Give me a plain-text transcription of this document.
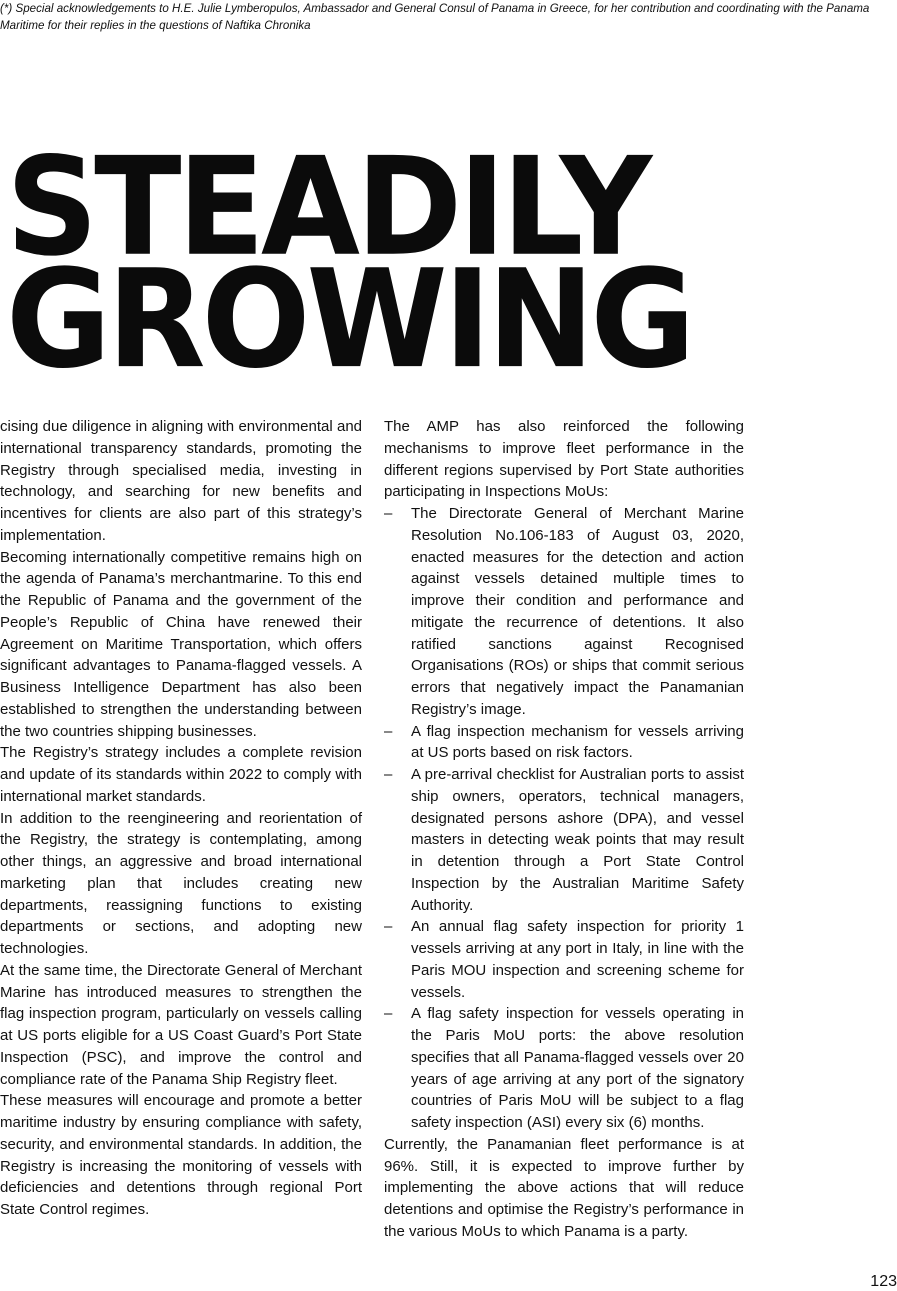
(*) Special acknowledgements to H.E. Julie Lymberopulos, Ambassador and General Consul of Panama in Greece, for her contribution and coordinating with the Panama Maritime for their replies in the questions of Naftika Chronika

STEADILY
GROWING

cising due diligence in aligning with environmental and international transparency standards, promoting the Registry through specialised media, investing in technology, and searching for new benefits and incentives for clients are also part of this strategy’s implementation.

Becoming internationally competitive remains high on the agenda of Panama’s merchantmarine. To this end the Republic of Panama and the government of the People’s Republic of China have renewed their Agreement on Maritime Transportation, which offers significant advantages to Panama-flagged vessels. A Business Intelligence Department has also been established to strengthen the understanding between the two countries shipping businesses.

The Registry’s strategy includes a complete revision and update of its standards within 2022 to comply with international market standards.

In addition to the reengineering and reorientation of the Registry, the strategy is contemplating, among other things, an aggressive and broad international marketing plan that includes creating new departments, reassigning functions to existing departments or sections, and adopting new technologies.

At the same time, the Directorate General of Merchant Marine has introduced measures το strengthen the flag inspection program, particularly on vessels calling at US ports eligible for a US Coast Guard’s Port State Inspection (PSC), and improve the control and compliance rate of the Panama Ship Registry fleet.

These measures will encourage and promote a better maritime industry by ensuring compliance with safety, security, and environmental standards. In addition, the Registry is increasing the monitoring of vessels with deficiencies and detentions through regional Port State Control regimes.

The AMP has also reinforced the following mechanisms to improve fleet performance in the different regions supervised by Port State authorities participating in Inspections MoUs:

– The Directorate General of Merchant Marine Resolution No.106-183 of August 03, 2020, enacted measures for the detection and action against vessels detained multiple times to improve their condition and performance and mitigate the recurrence of detentions. It also ratified sanctions against Recognised Organisations (ROs) or ships that commit serious errors that negatively impact the Panamanian Registry’s image.
– A flag inspection mechanism for vessels arriving at US ports based on risk factors.
– A pre-arrival checklist for Australian ports to assist ship owners, operators, technical managers, designated persons ashore (DPA), and vessel masters in detecting weak points that may result in detention through a Port State Control Inspection by the Australian Maritime Safety Authority.
– An annual flag safety inspection for priority 1 vessels arriving at any port in Italy, in line with the Paris MOU inspection and screening scheme for vessels.
– A flag safety inspection for vessels operating in the Paris MoU ports: the above resolution specifies that all Panama-flagged vessels over 20 years of age arriving at any port of the signatory countries of Paris MoU will be subject to a flag safety inspection (ASI) every six (6) months.

Currently, the Panamanian fleet performance is at 96%. Still, it is expected to improve further by implementing the above actions that will reduce detentions and optimise the Registry’s performance in the various MoUs to which Panama is a party.

123
